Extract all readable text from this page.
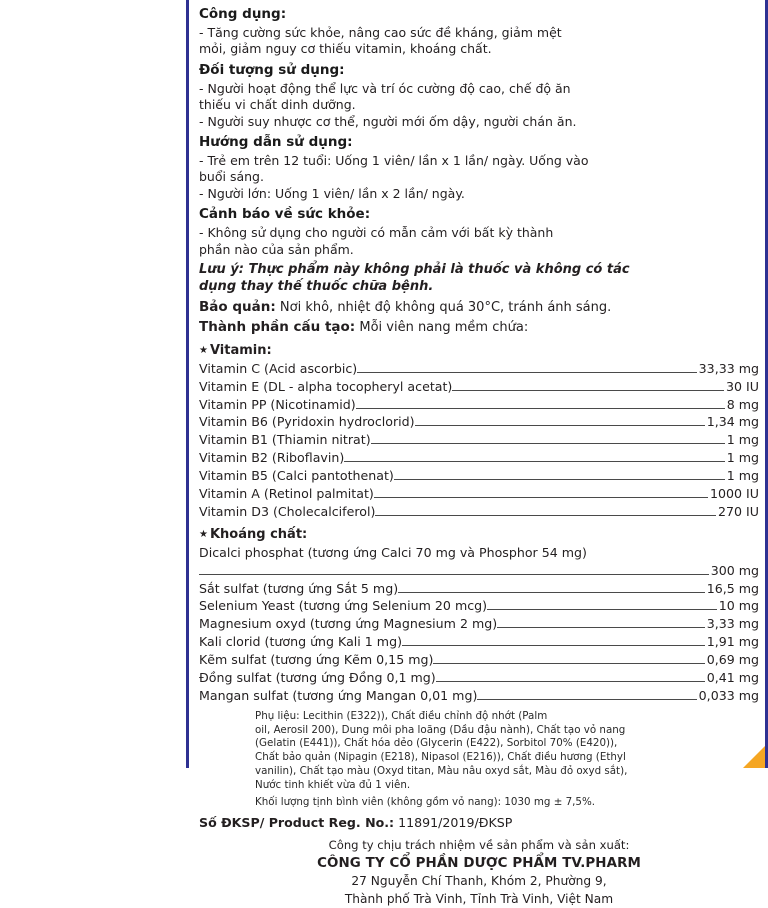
Công dụng:
- Tăng cường sức khỏe, nâng cao sức đề kháng, giảm mệt
mỏi, giảm nguy cơ thiếu vitamin, khoáng chất.
Đối tượng sử dụng:
- Người hoạt động thể lực và trí óc cường độ cao, chế độ ăn
thiếu vi chất dinh dưỡng.
- Người suy nhược cơ thể, người mới ốm dậy, người chán ăn.
Hướng dẫn sử dụng:
- Trẻ em trên 12 tuổi: Uống 1 viên/ lần x 1 lần/ ngày. Uống vào
buổi sáng.
- Người lớn: Uống 1 viên/ lần x 2 lần/ ngày.
Cảnh báo về sức khỏe:
- Không sử dụng cho người có mẫn cảm với bất kỳ thành
phần nào của sản phẩm.
Lưu ý: Thực phẩm này không phải là thuốc và không có tác
dụng thay thế thuốc chữa bệnh.
Bảo quản: Nơi khô, nhiệt độ không quá 30°C, tránh ánh sáng.
Thành phần cấu tạo: Mỗi viên nang mềm chứa:
★ Vitamin:
Vitamin C (Acid ascorbic)	33,33 mg
Vitamin E (DL - alpha tocopheryl acetat)	30 IU
Vitamin PP (Nicotinamid)	8 mg
Vitamin B6 (Pyridoxin hydroclorid)	1,34 mg
Vitamin B1 (Thiamin nitrat)	1 mg
Vitamin B2 (Riboflavin)	1 mg
Vitamin B5 (Calci pantothenat)	1 mg
Vitamin A (Retinol palmitat)	1000 IU
Vitamin D3 (Cholecalciferol)	270 IU
★ Khoáng chất:
Dicalci phosphat (tương ứng Calci 70 mg và Phosphor 54 mg)
300 mg
Sắt sulfat (tương ứng Sắt 5 mg)	16,5 mg
Selenium Yeast (tương ứng Selenium 20 mcg)	10 mg
Magnesium oxyd (tương ứng Magnesium 2 mg)	3,33 mg
Kali clorid (tương ứng Kali 1 mg)	1,91 mg
Kẽm sulfat (tương ứng Kẽm 0,15 mg)	0,69 mg
Đồng sulfat (tương ứng Đồng 0,1 mg)	0,41 mg
Mangan sulfat (tương ứng Mangan 0,01 mg)	0,033 mg

Phụ liệu: Lecithin (E322)), Chất điều chỉnh độ nhớt (Palm

oil, Aerosil 200), Dung môi pha loãng (Dầu đậu nành), Chất tạo vỏ nang

(Gelatin (E441)), Chất hóa dẻo (Glycerin (E422), Sorbitol 70% (E420)),

Chất bảo quản (Nipagin (E218), Nipasol (E216)), Chất điều hương (Ethyl

vanilin), Chất tạo màu (Oxyd titan, Màu nâu oxyd sắt, Màu đỏ oxyd sắt),

Nước tinh khiết vừa đủ 1 viên.

Khối lượng tịnh bình viên (không gồm vỏ nang): 1030 mg ± 7,5%.

Số ĐKSP/ Product Reg. No.: 11891/2019/ĐKSP
Công ty chịu trách nhiệm về sản phẩm và sản xuất:
CÔNG TY CỔ PHẦN DƯỢC PHẨM TV.PHARM
27 Nguyễn Chí Thanh, Khóm 2, Phường 9,
Thành phố Trà Vinh, Tỉnh Trà Vinh, Việt Nam
